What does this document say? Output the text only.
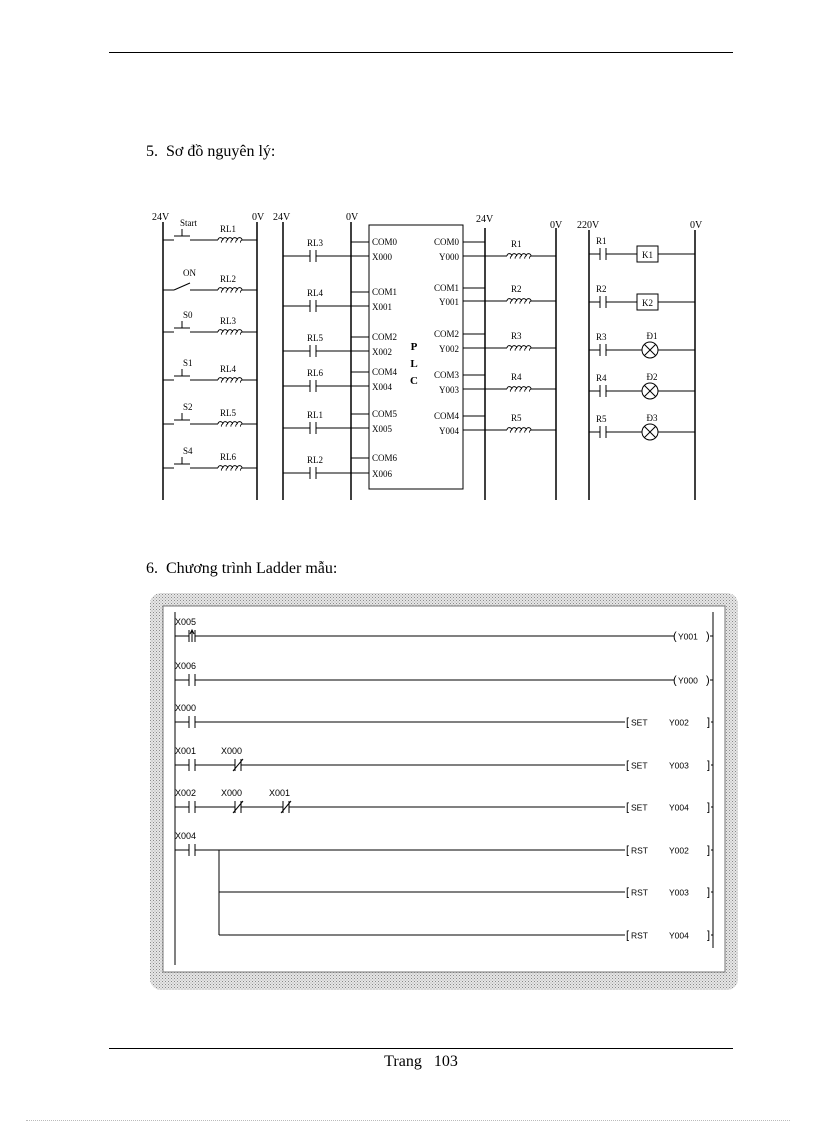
5. Sơ đồ nguyên lý:
24V	0V
Start
RL1
ON
RL2
S0
RL3
S1
RL4
S2
RL5
S4
RL6
24V	0V
RL3	COM0
X000
RL4	COM1
X001
RL5	COM2
X002
RL6	COM4
X004
RL1	COM5
X005
RL2	COM6
X006
P
L
C
24V
0V
COM0
Y000
R1
COM1
Y001
R2
COM2
Y002
R3
COM3
Y003
R4
COM4
Y004
R5
220V	0V
R1
K1
R2
K2
R3	Đ1
R4	Đ2
R5	Đ3
6. Chương trình Ladder mẫu:
X005
( Y001 )
X006
( Y000 )
X000
[ SET	Y002 ]
X001	X000
[ SET	Y003 ]
X002	X000	X001
[ SET	Y004 ]
X004
[ RST Y002 ]
[ RST Y003 ]
[ RST Y004 ]
Trang 103
